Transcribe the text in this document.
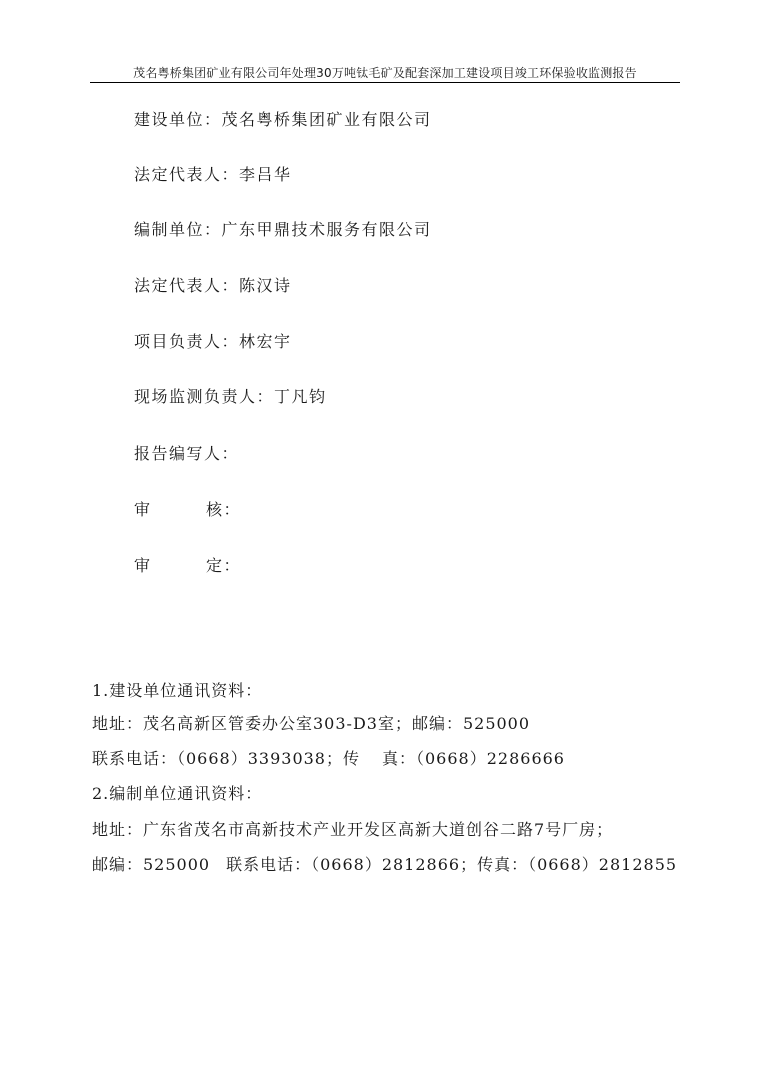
茂名粤桥集团矿业有限公司年处理30万吨钛毛矿及配套深加工建设项目竣工环保验收监测报告
建设单位：茂名粤桥集团矿业有限公司
法定代表人：李吕华
编制单位：广东甲鼎技术服务有限公司
法定代表人：陈汉诗
项目负责人：林宏宇
现场监测负责人：丁凡钧
报告编写人：
审	核：
审	定：
1.建设单位通讯资料：
地址：茂名高新区管委办公室303-D3室；邮编：525000
联系电话：（0668）3393038；传 真：（0668）2286666
2.编制单位通讯资料：
地址：广东省茂名市高新技术产业开发区高新大道创谷二路7号厂房；
邮编：525000 联系电话：（0668）2812866；传真：（0668）2812855
